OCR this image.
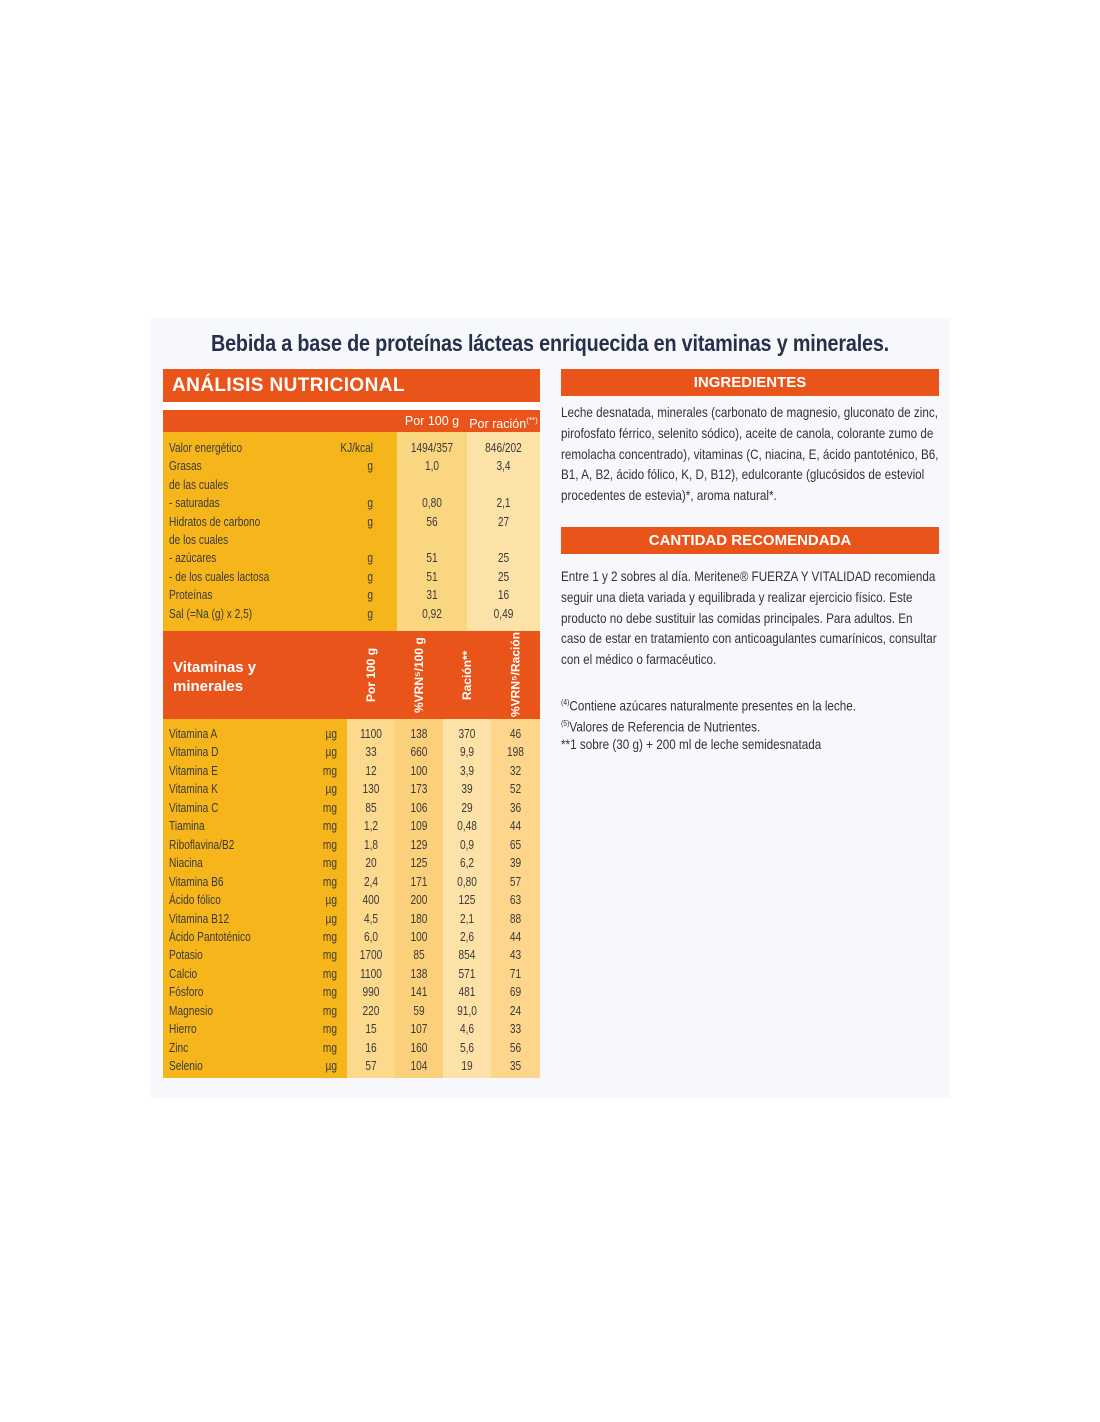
Bebida a base de proteínas lácteas enriquecida en vitaminas y minerales.
ANÁLISIS NUTRICIONAL	INGREDIENTES
CANTIDAD RECOMENDADA
Por 100 g Por ración(**)
Valor energético	KJ/kcal	1494/357	846/202
Grasas	g	1,0	3,4
de las cuales
- saturadas	g	0,80	2,1
Hidratos de carbono	g	56	27
de los cuales
- azúcares	g	51	25
- de los cuales lactosa	g	51	25
Proteínas	g	31	16
Sal (=Na (g) x 2,5)	g	0,92	0,49
Vitaminas y
minerales	Por 100 g	%VRN⁵/100 g	Ración**	%VRN⁵/Ración
Vitamina A	µg	1100	138	370	46
Vitamina D	µg	33	660	9,9	198
Vitamina E	mg	12	100	3,9	32
Vitamina K	µg	130	173	39	52
Vitamina C	mg	85	106	29	36
Tiamina	mg	1,2	109	0,48	44
Riboflavina/B2	mg	1,8	129	0,9	65
Niacina	mg	20	125	6,2	39
Vitamina B6	mg	2,4	171	0,80	57
Ácido fólico	µg	400	200	125	63
Vitamina B12	µg	4,5	180	2,1	88
Ácido Pantoténico	mg	6,0	100	2,6	44
Potasio	mg	1700	85	854	43
Calcio	mg	1100	138	571	71
Fósforo	mg	990	141	481	69
Magnesio	mg	220	59	91,0	24
Hierro	mg	15	107	4,6	33
Zinc	mg	16	160	5,6	56
Selenio	µg	57	104	19	35

Leche desnatada, minerales (carbonato de magnesio, gluconato de zinc, pirofosfato férrico, selenito sódico), aceite de canola, colorante zumo de remolacha concentrado), vitaminas (C, niacina, E, ácido pantoténico, B6, B1, A, B2, ácido fólico, K, D, B12), edulcorante (glucósidos de esteviol procedentes de estevia)*, aroma natural*.

Entre 1 y 2 sobres al día. Meritene® FUERZA Y VITALIDAD recomienda seguir una dieta variada y equilibrada y realizar ejercicio físico. Este producto no debe sustituir las comidas principales. Para adultos. En caso de estar en tratamiento con anticoagulantes cumarínicos, consultar con el médico o farmacéutico.

$^{(4)}$Contiene azúcares naturalmente presentes en la leche.
$^{(5)}$Valores de Referencia de Nutrientes.
**1 sobre (30 g) + 200 ml de leche semidesnatada
